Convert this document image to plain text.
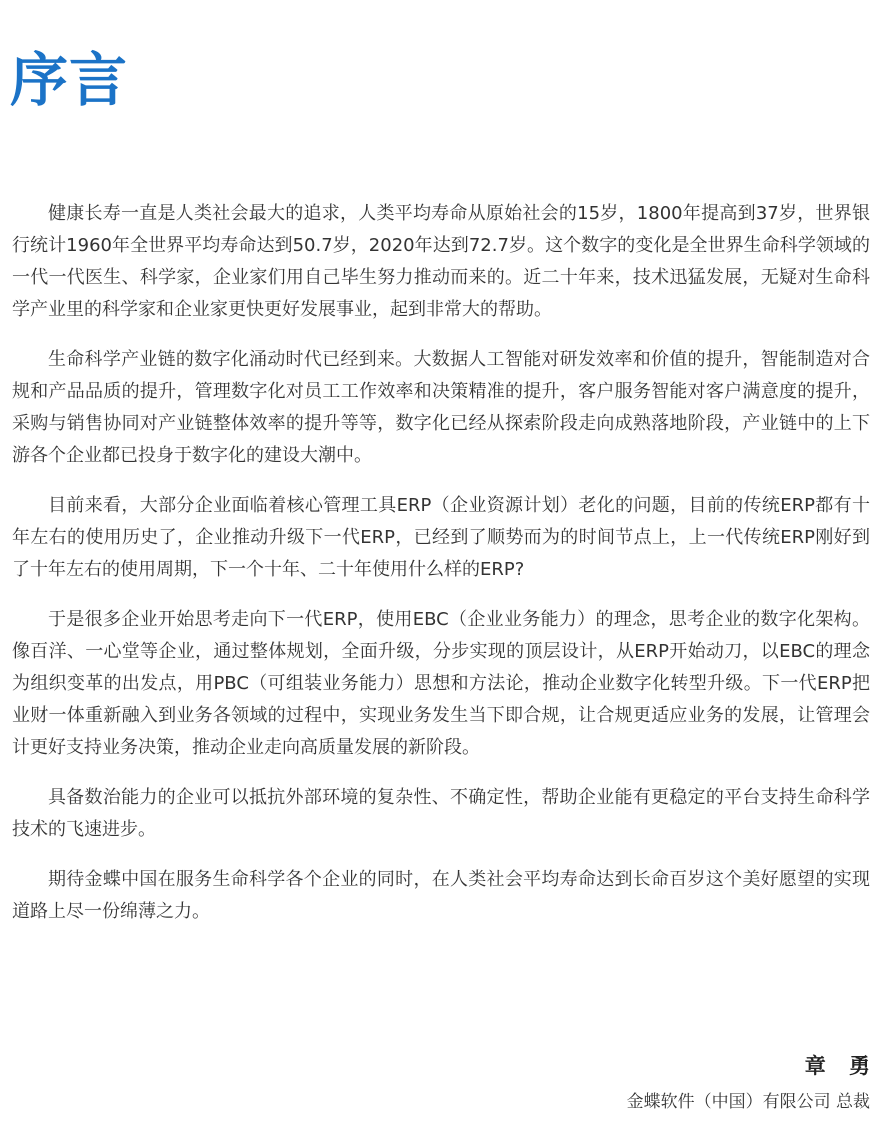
序言

健康长寿一直是人类社会最大的追求，人类平均寿命从原始社会的15岁，1800年提高到37岁，世界银行统计1960年全世界平均寿命达到50.7岁，2020年达到72.7岁。这个数字的变化是全世界生命科学领域的一代一代医生、科学家，企业家们用自己毕生努力推动而来的。近二十年来，技术迅猛发展，无疑对生命科学产业里的科学家和企业家更快更好发展事业，起到非常大的帮助。

生命科学产业链的数字化涌动时代已经到来。大数据人工智能对研发效率和价值的提升，智能制造对合规和产品品质的提升，管理数字化对员工工作效率和决策精准的提升，客户服务智能对客户满意度的提升，采购与销售协同对产业链整体效率的提升等等，数字化已经从探索阶段走向成熟落地阶段，产业链中的上下游各个企业都已投身于数字化的建设大潮中。

目前来看，大部分企业面临着核心管理工具ERP（企业资源计划）老化的问题，目前的传统ERP都有十年左右的使用历史了，企业推动升级下一代ERP，已经到了顺势而为的时间节点上，上一代传统ERP刚好到了十年左右的使用周期，下一个十年、二十年使用什么样的ERP?

于是很多企业开始思考走向下一代ERP，使用EBC（企业业务能力）的理念，思考企业的数字化架构。像百洋、一心堂等企业，通过整体规划，全面升级，分步实现的顶层设计，从ERP开始动刀，以EBC的理念为组织变革的出发点，用PBC（可组装业务能力）思想和方法论，推动企业数字化转型升级。下一代ERP把业财一体重新融入到业务各领域的过程中，实现业务发生当下即合规，让合规更适应业务的发展，让管理会计更好支持业务决策，推动企业走向高质量发展的新阶段。

具备数治能力的企业可以抵抗外部环境的复杂性、不确定性，帮助企业能有更稳定的平台支持生命科学技术的飞速进步。

期待金蝶中国在服务生命科学各个企业的同时，在人类社会平均寿命达到长命百岁这个美好愿望的实现道路上尽一份绵薄之力。

章 勇
金蝶软件（中国）有限公司 总裁
